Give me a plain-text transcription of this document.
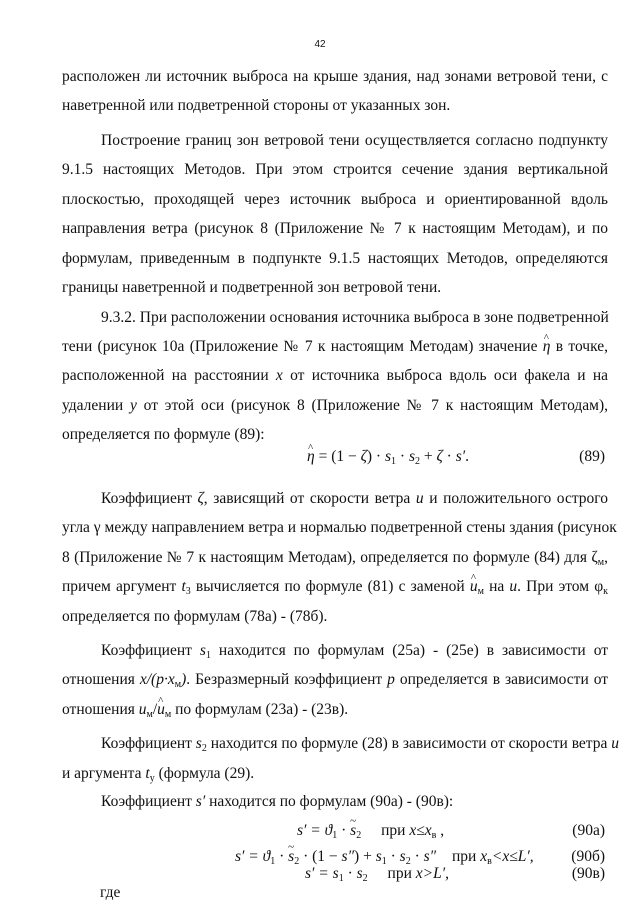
42
расположен ли источник выброса на крыше здания, над зонами ветровой тени, с
наветренной или подветренной стороны от указанных зон.
Построение границ зон ветровой тени осуществляется согласно подпункту
9.1.5 настоящих Методов. При этом строится сечение здания вертикальной
плоскостью, проходящей через источник выброса и ориентированной вдоль
направления ветра (рисунок 8 (Приложение № 7 к настоящим Методам), и по
формулам, приведенным в подпункте 9.1.5 настоящих Методов, определяются
границы наветренной и подветренной зон ветровой тени.
9.3.2. При расположении основания источника выброса в зоне подветренной
тени (рисунок 10а (Приложение № 7 к настоящим Методам) значение ^ η в точке,
расположенной на расстоянии x от источника выброса вдоль оси факела и на
удалении y от этой оси (рисунок 8 (Приложение № 7 к настоящим Методам),
определяется по формуле (89):
^ $\eta = (1 - \zeta) \cdot s_1 \cdot s_2 + \zeta \cdot s'$.	(89)
Коэффициент ζ, зависящий от скорости ветра u и положительного острого
угла γ между направлением ветра и нормалью подветренной стены здания (рисунок
8 (Приложение № 7 к настоящим Методам), определяется по формуле (84) для $\zeta_м$,
причем аргумент $t_3$ вычисляется по формуле (81) с заменой ^ $u_м$ на u. При этом $\varphi_к$
определяется по формулам (78а) - (78б).
Коэффициент $s_1$ находится по формулам (25а) - (25е) в зависимости от
отношения $x/(p\cdot x_м)$. Безразмерный коэффициент p определяется в зависимости от
отношения $u_м/\^{}$ $u_м$ по формулам (23а) - (23в).
Коэффициент $s_2$ находится по формуле (28) в зависимости от скорости ветра u
и аргумента $t_y$ (формула (29).
Коэффициент s′ находится по формулам (90а) - (90в):
$s' = ϑ_1$ · ~ $s_2$ при $x\le x_в$ ,	(90а)
$s' = ϑ_1$ · ~ $s_2 \cdot (1 - s'') + s_1 \cdot s_2 \cdot s''$ при $x_в<x\le L'$, (90б)
$s' = s_1 \cdot s_2$ при x>L′,	(90в)
где
